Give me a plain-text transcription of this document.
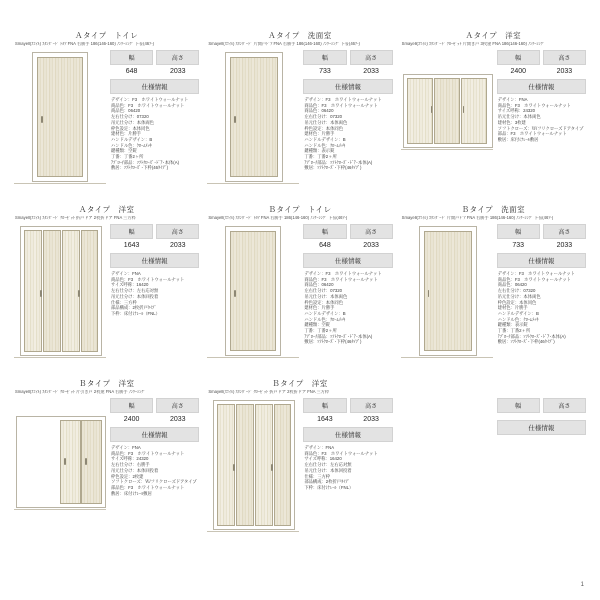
Ａタイプ　トイレ
Smayell(ｽﾏｲﾙ) ｽﾀﾝﾀﾞｰﾄﾞ ﾄｶｱ FNA 右勝手 186(146-160) ﾉﾝｹｰｼﾝｸﾞ 下틀(46ｱ-)
幅	高さ
648	2033
仕様情報
デザイン：F3　ホワイトウォールナット
商品色：F3　ホワイトウォールナット
商品色：06420
左右仕分け：07320
吊元仕分け：本体両色
枠色設定：本体同色
建材色：片勝手
ハンドルデザイン：B
ハンドル色：ｸﾛｰﾑﾒｯｷ
鍵種類：空錠
丁番：丁番2ヶ所
ｱﾌﾟﾛｰﾁ部品：ｿﾌﾄｸﾛｰｽﾞ･ﾄﾞｱ･本体(A)
敷居：ｿﾌﾄｸﾛｰｽﾞ･下枠(46ﾀｲﾌﾟ)
Ａタイプ　洗面室
Smayell(ｽﾏｲﾙ) ｽﾀﾝﾀﾞｰﾄﾞ 片開戸ﾄﾞｱ FNA 右勝手 186(146-160) ﾉﾝｹｰｼﾝｸﾞ 下틀(46ｱ-)
幅	高さ
733	2033
仕様情報
デザイン：F3　ホワイトウォールナット
商品色：F3　ホワイトウォールナット
商品色：06420
左右仕分け：07320
吊元仕分け：本体両色
枠色設定：本体同色
建材色：片勝手
ハンドルデザイン：B
ハンドル色：ｸﾛｰﾑﾒｯｷ
鍵種類：表示錠
丁番：丁番2ヶ所
ｱﾌﾟﾛｰﾁ部品：ｿﾌﾄｸﾛｰｽﾞ･ﾄﾞｱ･本体(A)
敷居：ｿﾌﾄｸﾛｰｽﾞ･下枠(46ﾀｲﾌﾟ)
Ａタイプ　洋室
Smayell(ｽﾏｲﾙ) ｽﾀﾝﾀﾞｰﾄﾞ ｸﾛｰｾﾞｯﾄ 片開き戸 3枚建 FNA 186(146-160) ﾉﾝｹｰｼﾝｸﾞ
幅	高さ
2400	2033
仕様情報
デザイン：FNA
商品色：F3　ホワイトウォールナット
サイズ呼称：24320
吊元仕分け：本体両色
建材色：3枚建
ソフトクローズ：Ｗ/フリクローズドアタイプ
部品：F3　ホワイトウォールナット
敷居：床付けﾚｰﾙ敷居
Ａタイプ　洋室
Smayell(ｽﾏｲﾙ) ｽﾀﾝﾀﾞｰﾄﾞ ｸﾛｰｾﾞｯﾄ 折戸ドア 2枚折ドア FNA 三方枠
幅	高さ
1643	2033
仕様情報
デザイン：FNA
商品色：F3　ホワイトウォールナット
サイズ呼称：16420
左右仕分け：左右応対無
吊元仕分け：本体回投着
仕様：三方枠
部品構成：2枚折戸ﾀｲﾌﾟ
下枠：床付けﾚｰﾙ（FNL）
Ｂタイプ　トイレ
Smayell(ｽﾏｲﾙ) ｽﾀﾝﾀﾞｰﾄﾞ ﾄｶｱ FNA 右勝手 186(146-160) ﾉﾝｹｰｼﾝｸﾞ 下틀(46ｱ-)
幅	高さ
648	2033
仕様情報
デザイン：F3　ホワイトウォールナット
商品色：F3　ホワイトウォールナット
商品色：06420
左右仕分け：07320
吊元仕分け：本体両色
枠色設定：本体同色
建材色：片勝手
ハンドルデザイン：B
ハンドル色：ｸﾛｰﾑﾒｯｷ
鍵種類：空錠
丁番：丁番2ヶ所
ｱﾌﾟﾛｰﾁ部品：ｿﾌﾄｸﾛｰｽﾞ･ﾄﾞｱ･本体(A)
敷居：ｿﾌﾄｸﾛｰｽﾞ･下枠(46ﾀｲﾌﾟ)
Ｂタイプ　洗面室
Smayell(ｽﾏｲﾙ) ｽﾀﾝﾀﾞｰﾄﾞ 片開戸ﾄﾞｱ FNA 右勝手 186(146-160) ﾉﾝｹｰｼﾝｸﾞ 下틀(46ｱ-)
幅	高さ
733	2033
仕様情報
デザイン：F3　ホワイトウォールナット
商品色：F3　ホワイトウォールナット
商品色：06420
左右仕分け：07320
吊元仕分け：本体両色
枠色設定：本体同色
建材色：片勝手
ハンドルデザイン：B
ハンドル色：ｸﾛｰﾑﾒｯｷ
鍵種類：表示錠
丁番：丁番2ヶ所
ｱﾌﾟﾛｰﾁ部品：ｿﾌﾄｸﾛｰｽﾞ･ﾄﾞｱ･本体(A)
敷居：ｿﾌﾄｸﾛｰｽﾞ･下枠(46ﾀｲﾌﾟ)
Ｂタイプ　洋室
Smayell(ｽﾏｲﾙ) ｽﾀﾝﾀﾞｰﾄﾞ ｸﾛｰｾﾞｯﾄ 片引き戸 2枚建 FNA 右勝手 ﾉﾝｹｰｼﾝｸﾞ
幅	高さ
2400	2033
仕様情報
デザイン：FNA
商品色：F3　ホワイトウォールナット
サイズ呼称：24320
左右仕分け：右勝手
吊元仕分け：本体回投着
枠色設定：2枚建
ソフトクローズ：Ｗ/フリクローズドアタイプ
部品色：F3　ホワイトウォールナット
敷居：床付けﾚｰﾙ敷居
Ｂタイプ　洋室
Smayell(ｽﾏｲﾙ) ｽﾀﾝﾀﾞｰﾄﾞ ｸﾛｰｾﾞｯﾄ 折戸ドア 2枚折ドア FNA 三方枠
幅	高さ
1643	2033
仕様情報
デザイン：FNA
商品色：F3　ホワイトウォールナット
サイズ呼称：16420
左右仕分け：左右応対無
吊元仕分け：本体回投着
仕様：三方枠
部品構成：2枚折戸ﾀｲﾌﾟ
下枠：床付けﾚｰﾙ（FNL）
幅	高さ
仕様情報
1
